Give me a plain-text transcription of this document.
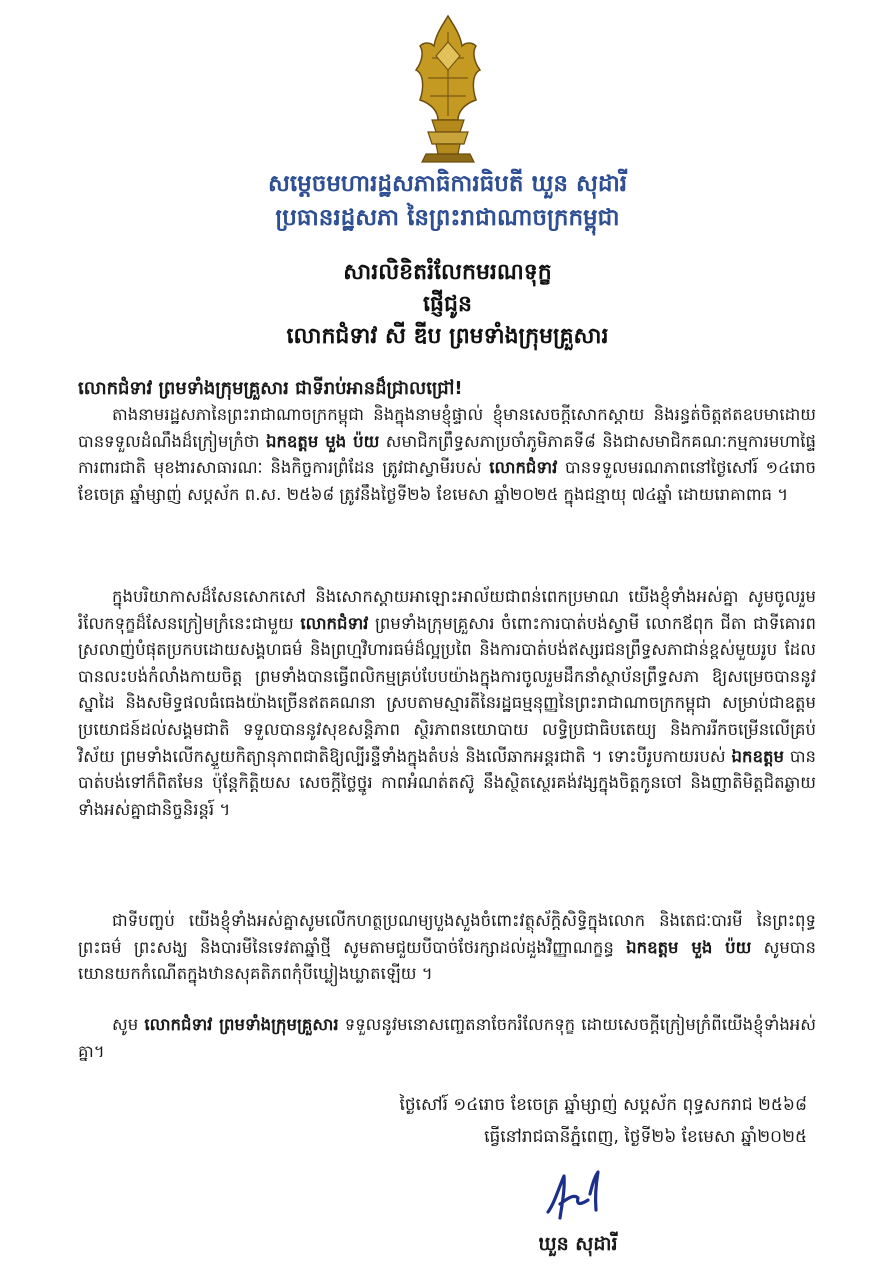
សម្តេចមហារដ្ឋសភាធិការធិបតី ឃួន សុដារី
ប្រធានរដ្ឋសភា នៃព្រះរាជាណាចក្រកម្ពុជា
សារលិខិតរំលែកមរណទុក្ខ
ផ្ញើជូន
លោកជំទាវ សី ឌីប ព្រមទាំងក្រុមគ្រួសារ
លោកជំទាវ ព្រមទាំងក្រុមគ្រួសារ ជាទីរាប់អានដ៏ជ្រាលជ្រៅ!

តាងនាមរដ្ឋសភានៃព្រះរាជាណាចក្រកម្ពុជា និងក្នុងនាមខ្ញុំផ្ទាល់ ខ្ញុំមានសេចក្តីសោកស្តាយ និងរន្ធត់ចិត្តឥតឧបមាដោយបានទទួលដំណឹងដ៏ក្រៀមក្រំថា ឯកឧត្តម មួង ប៉យ សមាជិកព្រឹទ្ធសភាប្រចាំភូមិភាគទី៨ និងជាសមាជិកគណៈកម្មការមហាផ្ទៃ ការពារជាតិ មុខងារសាធារណៈ និងកិច្ចការព្រំដែន ត្រូវជាស្វាមីរបស់ លោកជំទាវ បានទទួលមរណភាពនៅថ្ងៃសៅរ៍ ១៤រោច ខែចេត្រ ឆ្នាំម្សាញ់ សប្តស័ក ព.ស. ២៥៦៨ ត្រូវនឹងថ្ងៃទី២៦ ខែមេសា ឆ្នាំ២០២៥ ក្នុងជន្មាយុ ៧៤ឆ្នាំ ដោយរោគាពាធ ។

ក្នុងបរិយាកាសដ៏សែនសោកសៅ និងសោកស្តាយអាឡោះអាល័យជាពន់ពេកប្រមាណ យើងខ្ញុំទាំងអស់គ្នា សូមចូលរួមរំលែកទុក្ខដ៏សែនក្រៀមក្រំនេះជាមួយ លោកជំទាវ ព្រមទាំងក្រុមគ្រួសារ ចំពោះការបាត់បង់ស្វាមី លោកឪពុក ជីតា ជាទីគោរពស្រលាញ់បំផុតប្រកបដោយសង្គហធម៌ និងព្រហ្មវិហារធម៌ដ៏ល្អប្រពៃ និងការបាត់បង់ឥស្សរជនព្រឹទ្ធសភាជាន់ខ្ពស់មួយរូប ដែលបានលះបង់កំលាំងកាយចិត្ត ព្រមទាំងបានធ្វើពលិកម្មគ្រប់បែបយ៉ាងក្នុងការចូលរួមដឹកនាំស្ថាប័នព្រឹទ្ធសភា ឱ្យសម្រេចបាននូវស្នាដៃ និងសមិទ្ធផលធំធេងយ៉ាងច្រើនឥតគណនា ស្របតាមស្មារតីនៃរដ្ឋធម្មនុញ្ញនៃព្រះរាជាណាចក្រកម្ពុជា សម្រាប់ជាឧត្តមប្រយោជន៍ដល់សង្គមជាតិ ទទួលបាននូវសុខសន្តិភាព ស្ថិរភាពនយោបាយ លទ្ធិប្រជាធិបតេយ្យ និងការរីកចម្រើនលើគ្រប់វិស័យ ព្រមទាំងលើកស្ទួយកិត្យានុភាពជាតិឱ្យល្បីរន្ទឺទាំងក្នុងតំបន់ និងលើឆាកអន្តរជាតិ ។ ទោះបីរូបកាយរបស់ ឯកឧត្តម បានបាត់បង់ទៅក៏ពិតមែន ប៉ុន្តែកិត្តិយស សេចក្តីថ្លៃថ្នូរ កាពអំណត់តស៊ូ នឹងស្ថិតស្ថេរគង់វង្សក្នុងចិត្តកូនចៅ និងញាតិមិត្តជិតឆ្ងាយទាំងអស់គ្នាជានិច្ចនិរន្តរ៍ ។

ជាទីបញ្ចប់ យើងខ្ញុំទាំងអស់គ្នាសូមលើកហត្ថប្រណម្យបួងសួងចំពោះវត្ថុស័ក្តិសិទ្ធិក្នុងលោក និងតេជៈបារមី នៃព្រះពុទ្ធ ព្រះធម៌ ព្រះសង្ឃ និងបារមីនៃទេវតាឆ្នាំថ្មី សូមតាមជួយបីបាច់ថែរក្សាដល់ដួងវិញ្ញាណក្ខន្ធ ឯកឧត្តម មួង ប៉យ សូមបានយោនយកកំណើតក្នុងឋានសុគតិភពកុំបីឃ្លៀងឃ្លាតឡើយ ។

សូម លោកជំទាវ ព្រមទាំងក្រុមគ្រួសារ ទទួលនូវមនោសញ្ចេតនាចែករំលែកទុក្ខ ដោយសេចក្តីក្រៀមក្រំពីយើងខ្ញុំទាំងអស់គ្នា។

ថ្ងៃសៅរ៍ ១៤រោច ខែចេត្រ ឆ្នាំម្សាញ់ សប្តស័ក ពុទ្ធសករាជ ២៥៦៨
ធ្វើនៅរាជធានីភ្នំពេញ, ថ្ងៃទី២៦ ខែមេសា ឆ្នាំ២០២៥
ឃួន សុដារី
